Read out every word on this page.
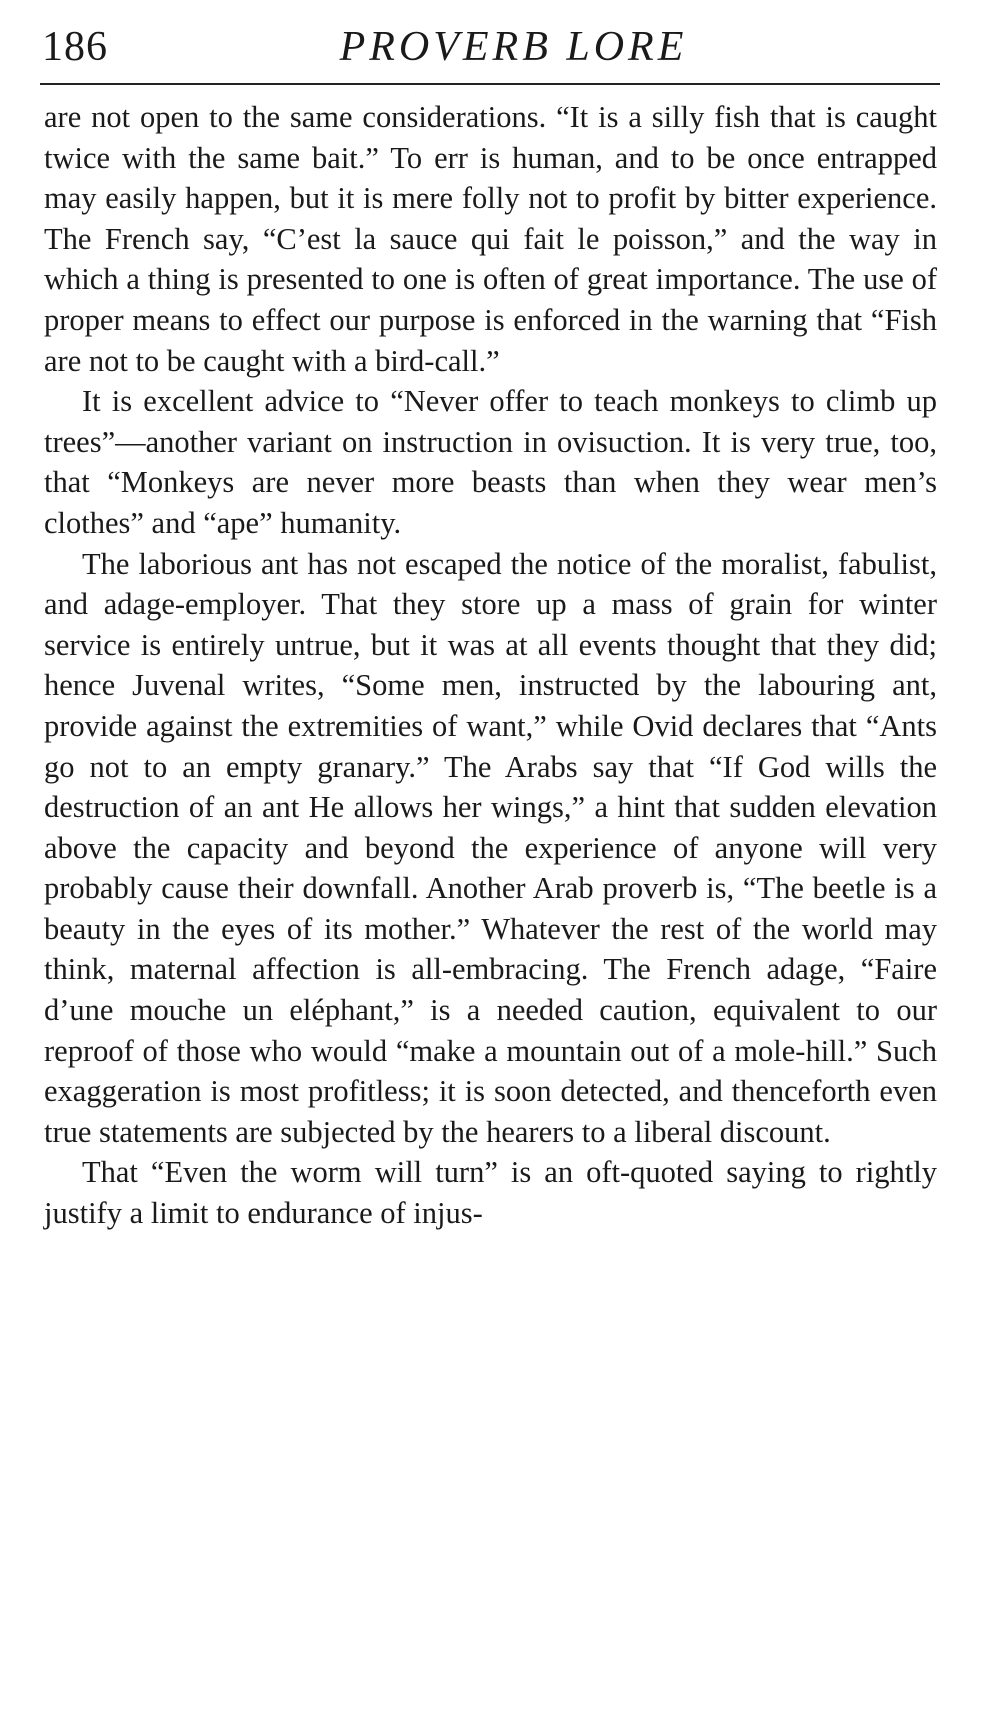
186	PROVERB LORE

are not open to the same considerations. “It is a silly fish that is caught twice with the same bait.” To err is human, and to be once entrapped may easily happen, but it is mere folly not to profit by bitter experience. The French say, “C’est la sauce qui fait le poisson,” and the way in which a thing is presented to one is often of great importance. The use of proper means to effect our purpose is enforced in the warning that “Fish are not to be caught with a bird-call.”

It is excellent advice to “Never offer to teach monkeys to climb up trees”—another variant on instruction in ovisuction. It is very true, too, that “Monkeys are never more beasts than when they wear men’s clothes” and “ape” humanity.

The laborious ant has not escaped the notice of the moralist, fabulist, and adage-employer. That they store up a mass of grain for winter service is entirely untrue, but it was at all events thought that they did; hence Juvenal writes, “Some men, instructed by the labouring ant, provide against the extremities of want,” while Ovid declares that “Ants go not to an empty granary.” The Arabs say that “If God wills the destruction of an ant He allows her wings,” a hint that sudden elevation above the capacity and beyond the experience of anyone will very probably cause their downfall. Another Arab proverb is, “The beetle is a beauty in the eyes of its mother.” Whatever the rest of the world may think, maternal affection is all-embracing. The French adage, “Faire d’une mouche un eléphant,” is a needed caution, equivalent to our reproof of those who would “make a mountain out of a mole-hill.” Such exaggeration is most profitless; it is soon detected, and thenceforth even true statements are subjected by the hearers to a liberal discount.

That “Even the worm will turn” is an oft-quoted saying to rightly justify a limit to endurance of injus-
